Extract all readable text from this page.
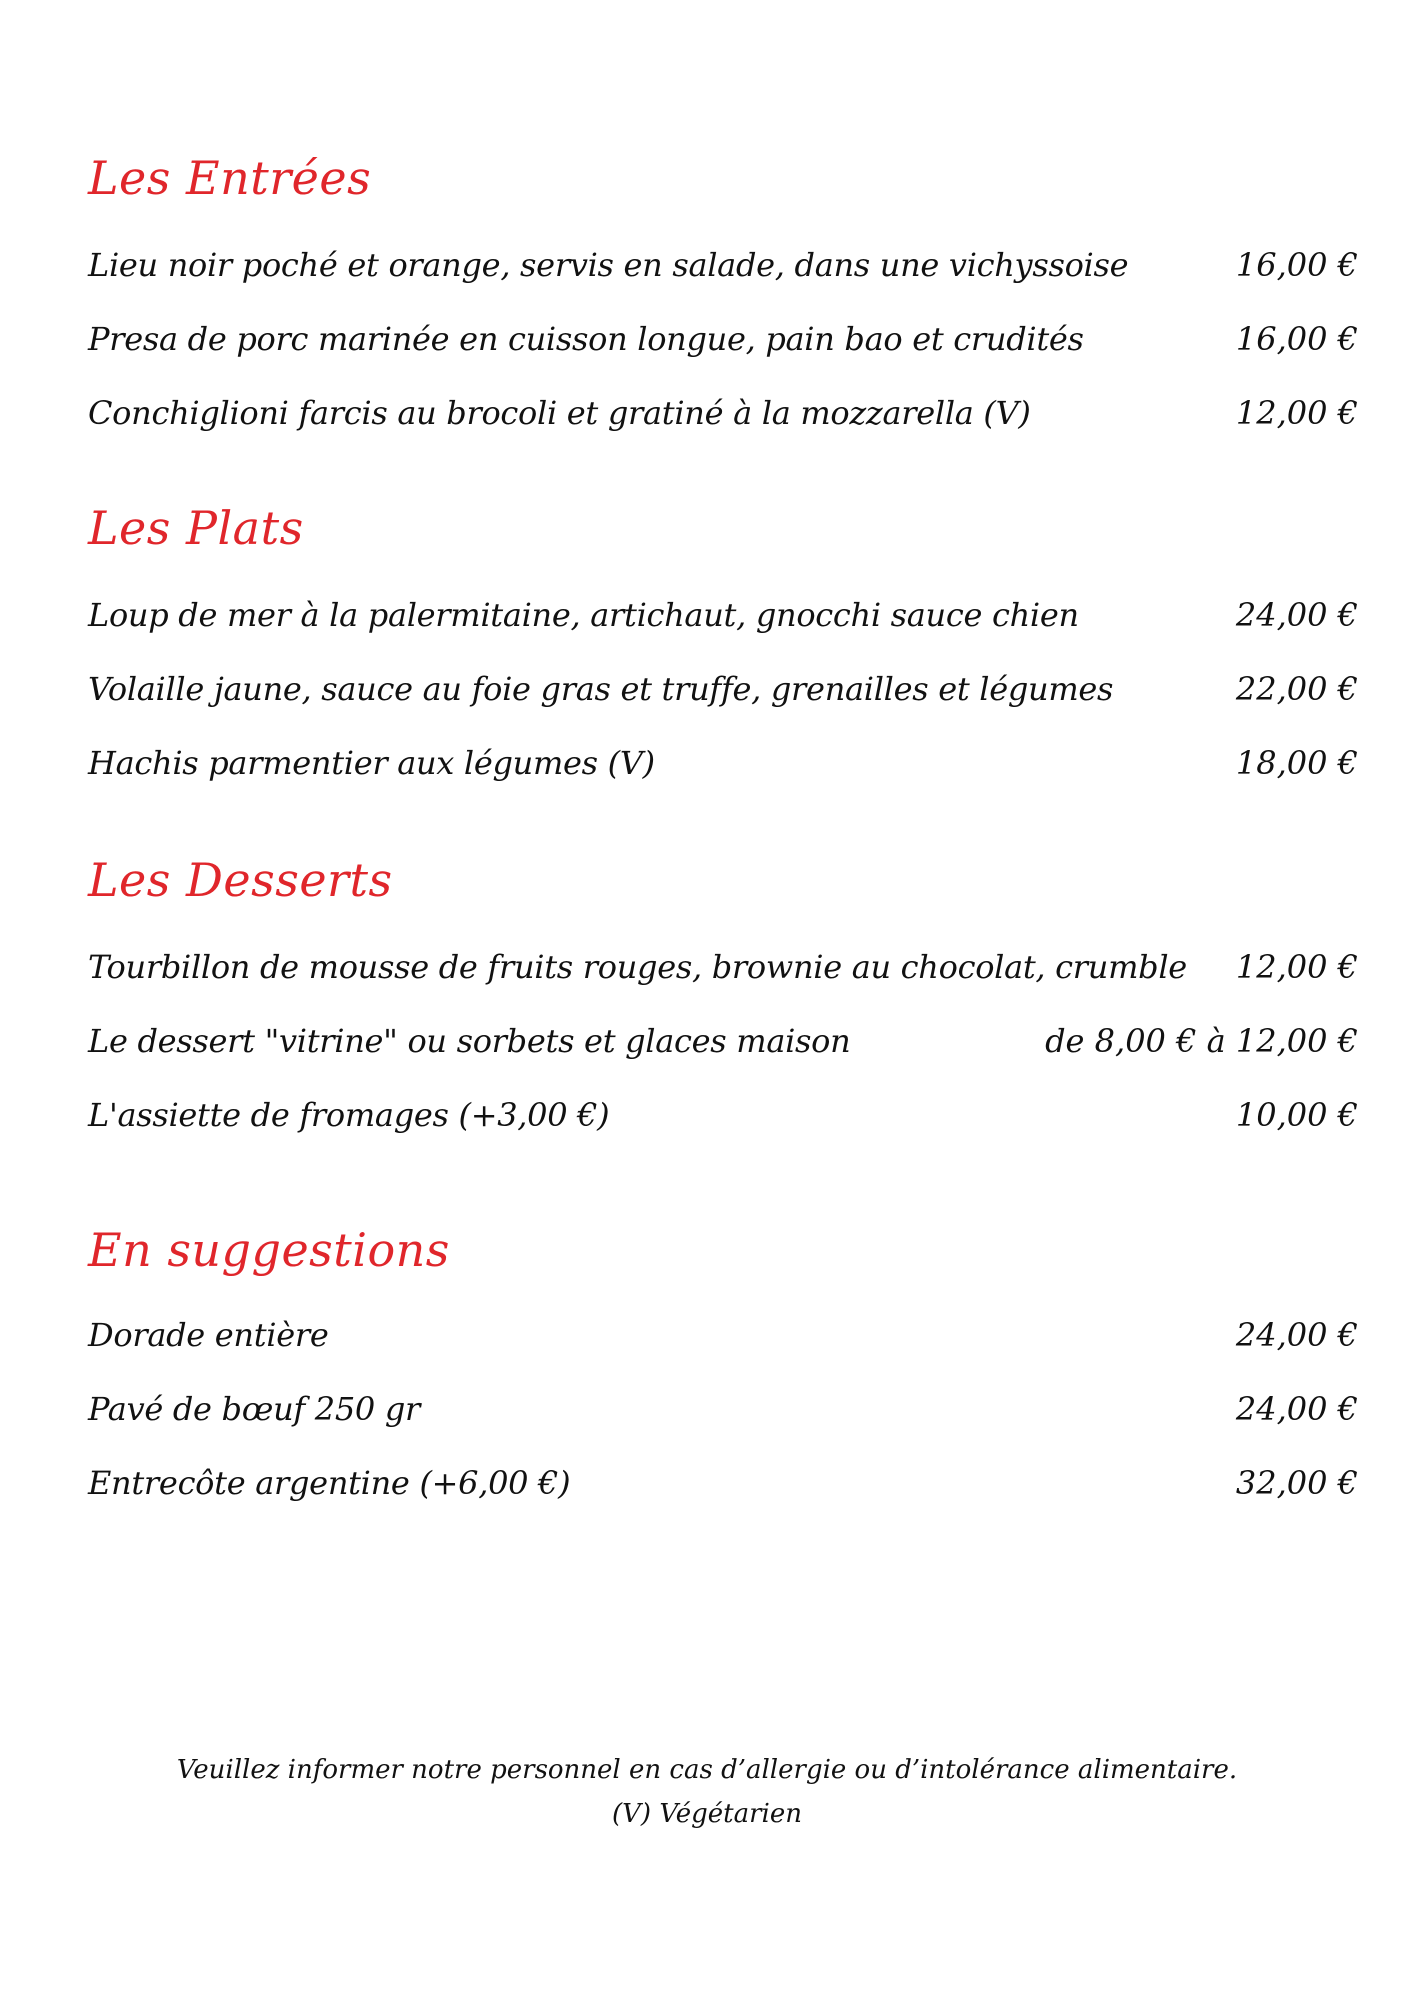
Les Entrées
Lieu noir poché et orange, servis en salade, dans une vichyssoise	16,00 €
Presa de porc marinée en cuisson longue, pain bao et crudités	16,00 €
Conchiglioni farcis au brocoli et gratiné à la mozzarella (V)	12,00 €
Les Plats
Loup de mer à la palermitaine, artichaut, gnocchi sauce chien	24,00 €
Volaille jaune, sauce au foie gras et truffe, grenailles et légumes	22,00 €
Hachis parmentier aux légumes (V)	18,00 €
Les Desserts
Tourbillon de mousse de fruits rouges, brownie au chocolat, crumble 12,00 €
Le dessert "vitrine" ou sorbets et glaces maison	de 8,00 € à 12,00 €
L'assiette de fromages (+3,00 €)	10,00 €
En suggestions
Dorade entière	24,00 €
Pavé de bœuf 250 gr	24,00 €
Entrecôte argentine (+6,00 €)	32,00 €
Veuillez informer notre personnel en cas d’allergie ou d’intolérance alimentaire.
(V) Végétarien
